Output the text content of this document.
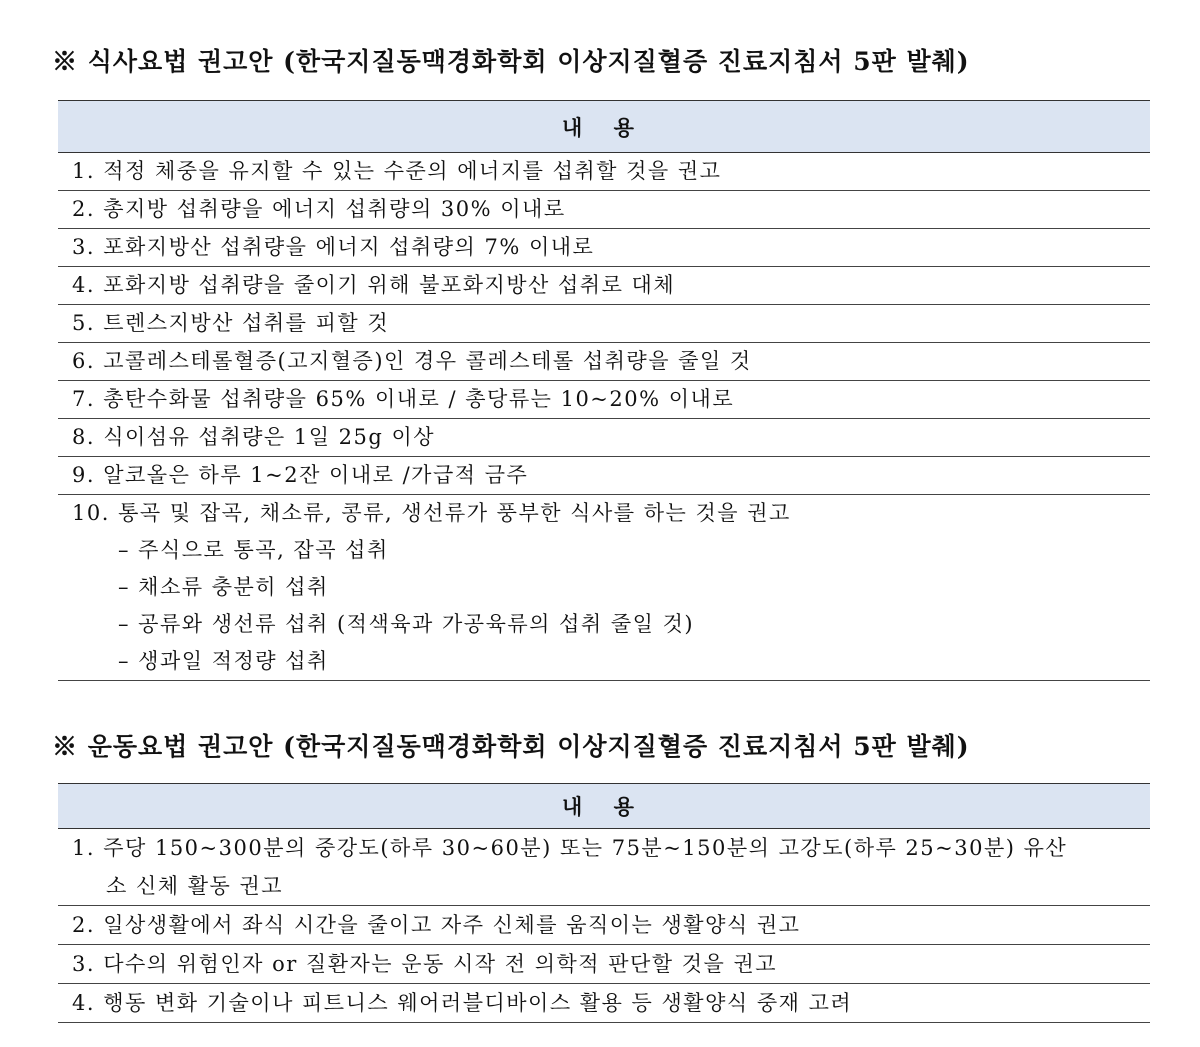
※ 식사요법 권고안 (한국지질동맥경화학회 이상지질혈증 진료지침서 5판 발췌)
내 용
1. 적정 체중을 유지할 수 있는 수준의 에너지를 섭취할 것을 권고
2. 총지방 섭취량을 에너지 섭취량의 30% 이내로
3. 포화지방산 섭취량을 에너지 섭취량의 7% 이내로
4. 포화지방 섭취량을 줄이기 위해 불포화지방산 섭취로 대체
5. 트렌스지방산 섭취를 피할 것
6. 고콜레스테롤혈증(고지혈증)인 경우 콜레스테롤 섭취량을 줄일 것
7. 총탄수화물 섭취량을 65% 이내로 / 총당류는 10~20% 이내로
8. 식이섬유 섭취량은 1일 25g 이상
9. 알코올은 하루 1~2잔 이내로 /가급적 금주
10. 통곡 및 잡곡, 채소류, 콩류, 생선류가 풍부한 식사를 하는 것을 권고
– 주식으로 통곡, 잡곡 섭취
– 채소류 충분히 섭취
– 공류와 생선류 섭취 (적색육과 가공육류의 섭취 줄일 것)
– 생과일 적정량 섭취
※ 운동요법 권고안 (한국지질동맥경화학회 이상지질혈증 진료지침서 5판 발췌)
내 용
1. 주당 150~300분의 중강도(하루 30~60분) 또는 75분~150분의 고강도(하루 25~30분) 유산
소 신체 활동 권고
2. 일상생활에서 좌식 시간을 줄이고 자주 신체를 움직이는 생활양식 권고
3. 다수의 위험인자 or 질환자는 운동 시작 전 의학적 판단할 것을 권고
4. 행동 변화 기술이나 피트니스 웨어러블디바이스 활용 등 생활양식 중재 고려
